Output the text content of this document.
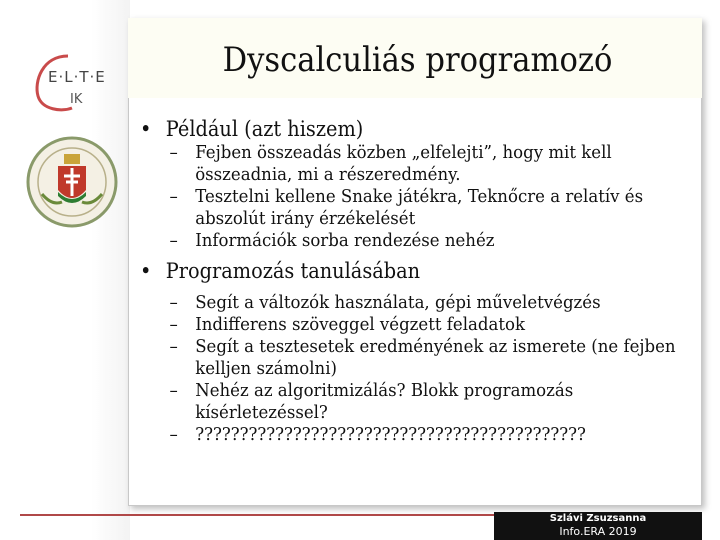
E·L·T·E
IK
Dyscalculiás programozó
• Például (azt hiszem)
– Fejben összeadás közben „elfelejti”, hogy mit kell összeadnia, mi a részeredmény.
– Tesztelni kellene Snake játékra, Teknőcre a relatív és abszolút irány érzékelését
– Információk sorba rendezése nehéz
• Programozás tanulásában
– Segít a változók használata, gépi műveletvégzés
– Indifferens szöveggel végzett feladatok
– Segít a tesztesetek eredményének az ismerete (ne fejben kelljen számolni)
– Nehéz az algoritmizálás? Blokk programozás kísérletezéssel?
– ????????????????????????????????????????????
Szlávi Zsuzsanna
Info.ERA 2019
